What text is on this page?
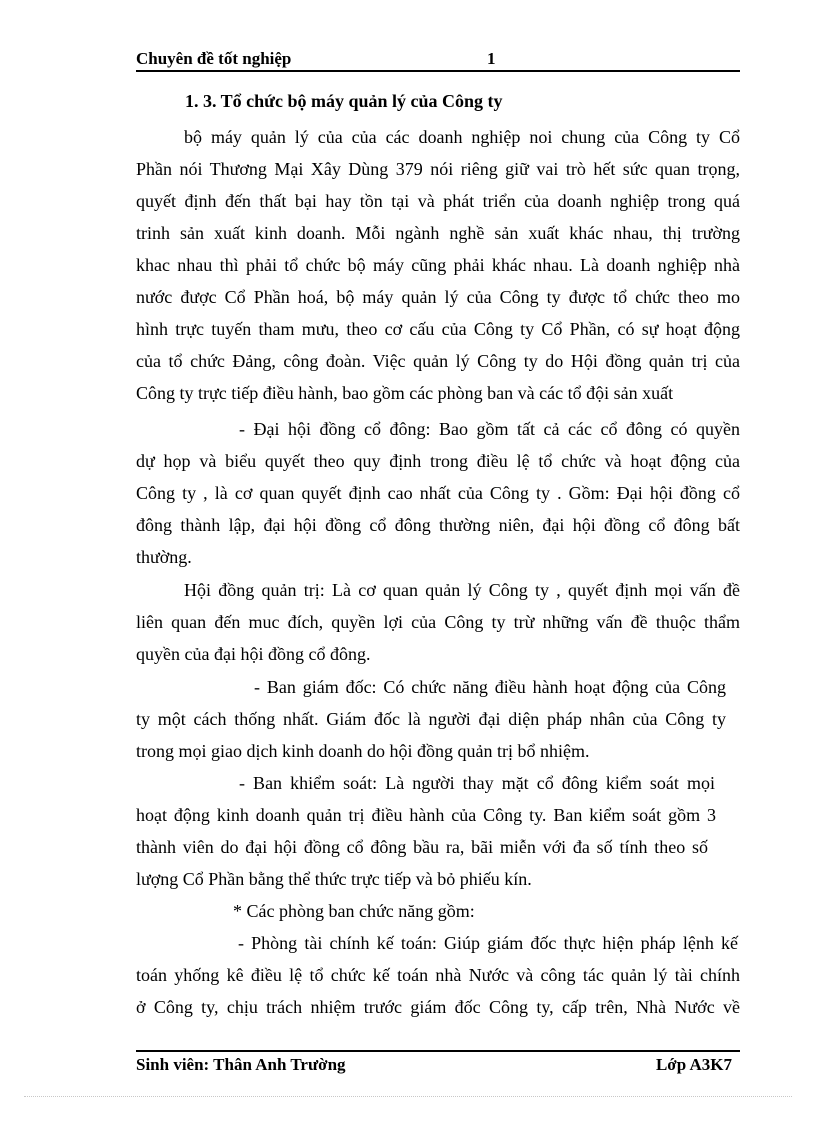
Chuyên đề tốt nghiệp	1
1. 3. Tổ chức bộ máy quản lý của Công ty
bộ máy quản lý của của các doanh nghiệp noi chung của Công ty Cổ
Phần nói Thương Mại Xây Dùng 379 nói riêng giữ vai trò hết sức quan trọng,
quyết định đến thất bại hay tồn tại và phát triển của doanh nghiệp trong quá
trinh sản xuất kinh doanh. Mỗi ngành nghề sản xuất khác nhau, thị trường
khac nhau thì phải tổ chức bộ máy cũng phải khác nhau. Là doanh nghiệp nhà
nước được Cổ Phần hoá, bộ máy quản lý của Công ty được tổ chức theo mo
hình trực tuyến tham mưu, theo cơ cấu của Công ty Cổ Phần, có sự hoạt động
của tổ chức Đảng, công đoàn. Việc quản lý Công ty do Hội đồng quản trị của
Công ty trực tiếp điều hành, bao gồm các phòng ban và các tổ đội sản xuất
- Đại hội đồng cổ đông: Bao gồm tất cả các cổ đông có quyền
dự họp và biểu quyết theo quy định trong điều lệ tổ chức và hoạt động của
Công ty , là cơ quan quyết định cao nhất của Công ty . Gồm: Đại hội đồng cổ
đông thành lập, đại hội đồng cổ đông thường niên, đại hội đồng cổ đông bất
thường.
Hội đồng quản trị: Là cơ quan quản lý Công ty , quyết định mọi vấn đề
liên quan đến muc đích, quyền lợi của Công ty trừ những vấn đề thuộc thẩm
quyền của đại hội đồng cổ đông.
- Ban giám đốc: Có chức năng điều hành hoạt động của Công
ty một cách thống nhất. Giám đốc là người đại diện pháp nhân của Công ty
trong mọi giao dịch kinh doanh do hội đồng quản trị bổ nhiệm.
- Ban khiểm soát: Là người thay mặt cổ đông kiểm soát mọi
hoạt động kinh doanh quản trị điều hành của Công ty. Ban kiểm soát gồm 3
thành viên do đại hội đồng cổ đông bầu ra, bãi miễn với đa số tính theo số
lượng Cổ Phần bằng thể thức trực tiếp và bỏ phiếu kín.
* Các phòng ban chức năng gồm:
- Phòng tài chính kế toán: Giúp giám đốc thực hiện pháp lệnh kế
toán yhống kê điều lệ tổ chức kế toán nhà Nước và công tác quản lý tài chính
ở Công ty, chịu trách nhiệm trước giám đốc Công ty, cấp trên, Nhà Nước về
Sinh viên: Thân Anh Trường	Lớp A3K7
